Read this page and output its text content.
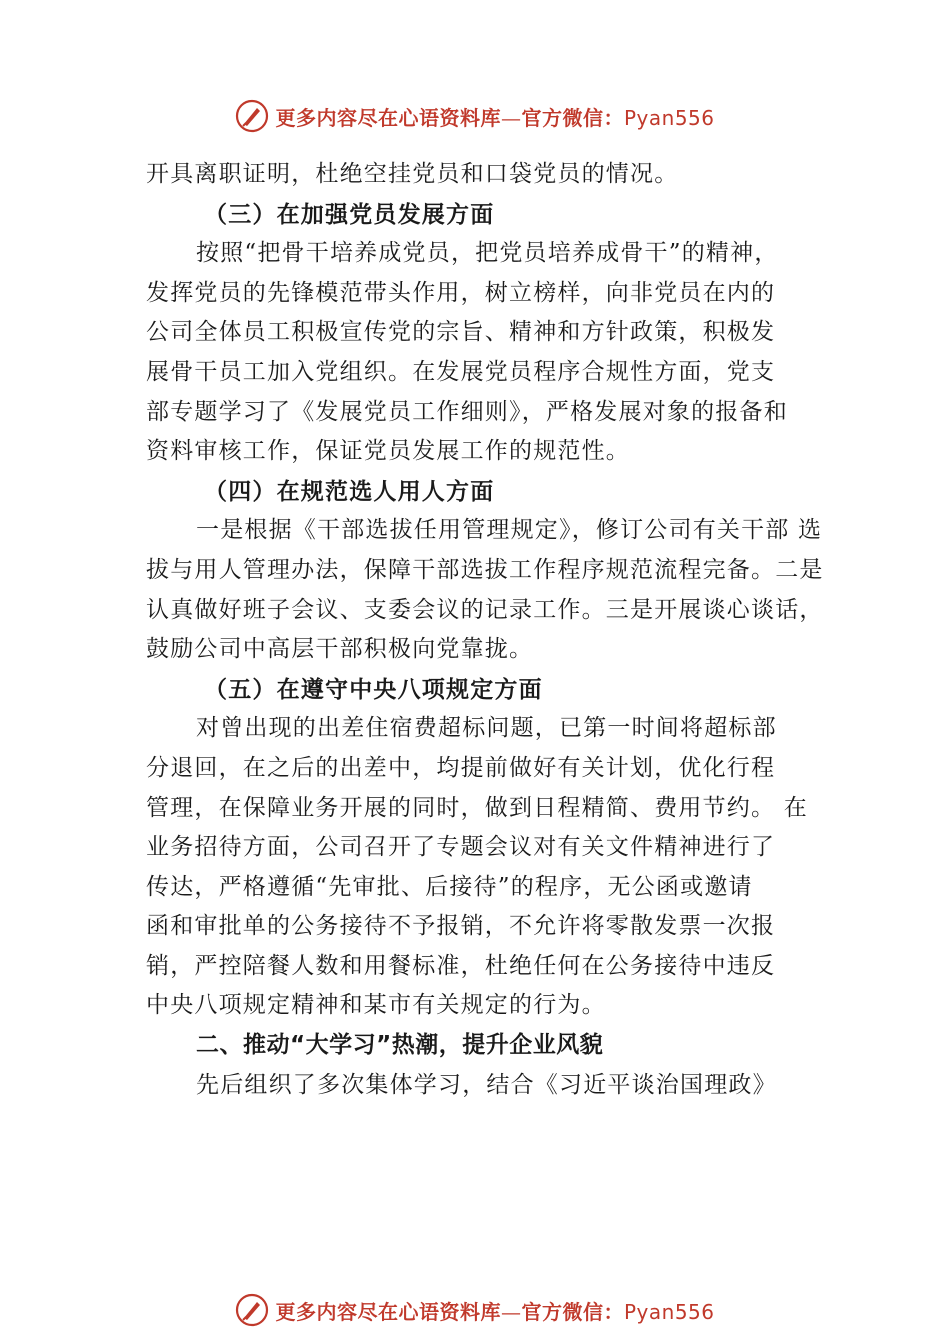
更多内容尽在心语资料库—官方微信：Pyan556
开具离职证明，杜绝空挂党员和口袋党员的情况。
（三）在加强党员发展方面
按照“把骨干培养成党员，把党员培养成骨干”的精神，
发挥党员的先锋模范带头作用，树立榜样，向非党员在内的
公司全体员工积极宣传党的宗旨、精神和方针政策，积极发
展骨干员工加入党组织。在发展党员程序合规性方面，党支
部专题学习了《发展党员工作细则》，严格发展对象的报备和
资料审核工作，保证党员发展工作的规范性。
（四）在规范选人用人方面
一是根据《干部选拔任用管理规定》，修订公司有关干部 选
拔与用人管理办法，保障干部选拔工作程序规范流程完备。二是
认真做好班子会议、支委会议的记录工作。三是开展谈心谈话，
鼓励公司中高层干部积极向党靠拢。
（五）在遵守中央八项规定方面
对曾出现的出差住宿费超标问题，已第一时间将超标部
分退回，在之后的出差中，均提前做好有关计划，优化行程
管理，在保障业务开展的同时，做到日程精简、费用节约。 在
业务招待方面，公司召开了专题会议对有关文件精神进行了
传达，严格遵循“先审批、后接待”的程序，无公函或邀请
函和审批单的公务接待不予报销，不允许将零散发票一次报
销，严控陪餐人数和用餐标准，杜绝任何在公务接待中违反
中央八项规定精神和某市有关规定的行为。
二、推动“大学习”热潮，提升企业风貌
先后组织了多次集体学习，结合《习近平谈治国理政》
更多内容尽在心语资料库—官方微信：Pyan556
